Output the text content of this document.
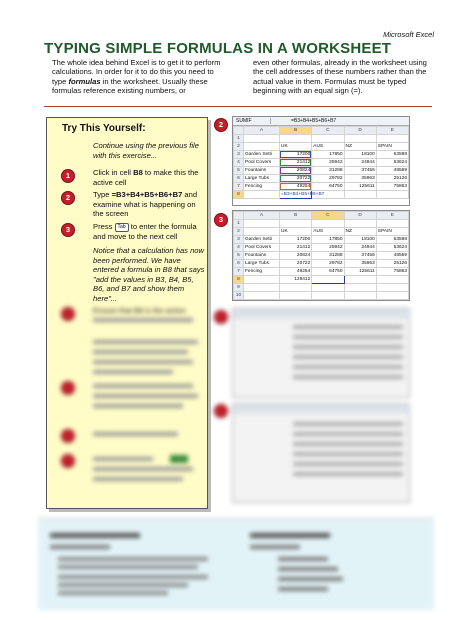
Microsoft Excel
TYPING SIMPLE FORMULAS IN A WORKSHEET
The whole idea behind Excel is to get it to perform calculations. In order for it to do this you need to type formulas in the worksheet. Usually these formulas reference existing numbers, or
even other formulas, already in the worksheet using the cell addresses of these numbers rather than the actual value in them. Formulas must be typed beginning with an equal sign (=).
Try This Yourself:
Continue using the previous file with this exercise...
1	Click in cell B8 to make this the active cell
2	Type =B3+B4+B5+B6+B7 and examine what is happening on the screen
3	Press Tab to enter the formula and move to the next cell
Notice that a calculation has now been performed. We have entered a formula in B8 that says "add the values in B3, B4, B5, B6, and B7 and show them here"...
Ensure that B8 is the active
2
3
SUMIF	=B3+B4+B5+B6+B7
	A	B	C	D	E
1					
2		UK	AUS	NZ	SPAIN
3	Garden Setti	17200	17850	18100	63598
4	Pool Covers	21412	25942	24944	53624
5	Fountains	20824	31288	37456	48569
6	Large Tubs	20722	29782	35963	25126
7	Fencing	49254	64750	125611	75863
8		=B3+B4+B5+B6+B7			
	A	B	C	D	E
1					
2		UK	AUS	NZ	SPAIN
3	Garden Setti	17200	17850	18100	63598
4	Pool Covers	21412	25942	24944	53624
5	Fountains	20824	31288	37456	48569
6	Large Tubs	20722	29782	35963	25126
7	Fencing	49254	64750	125611	75863
8		129412			
9					
10					
